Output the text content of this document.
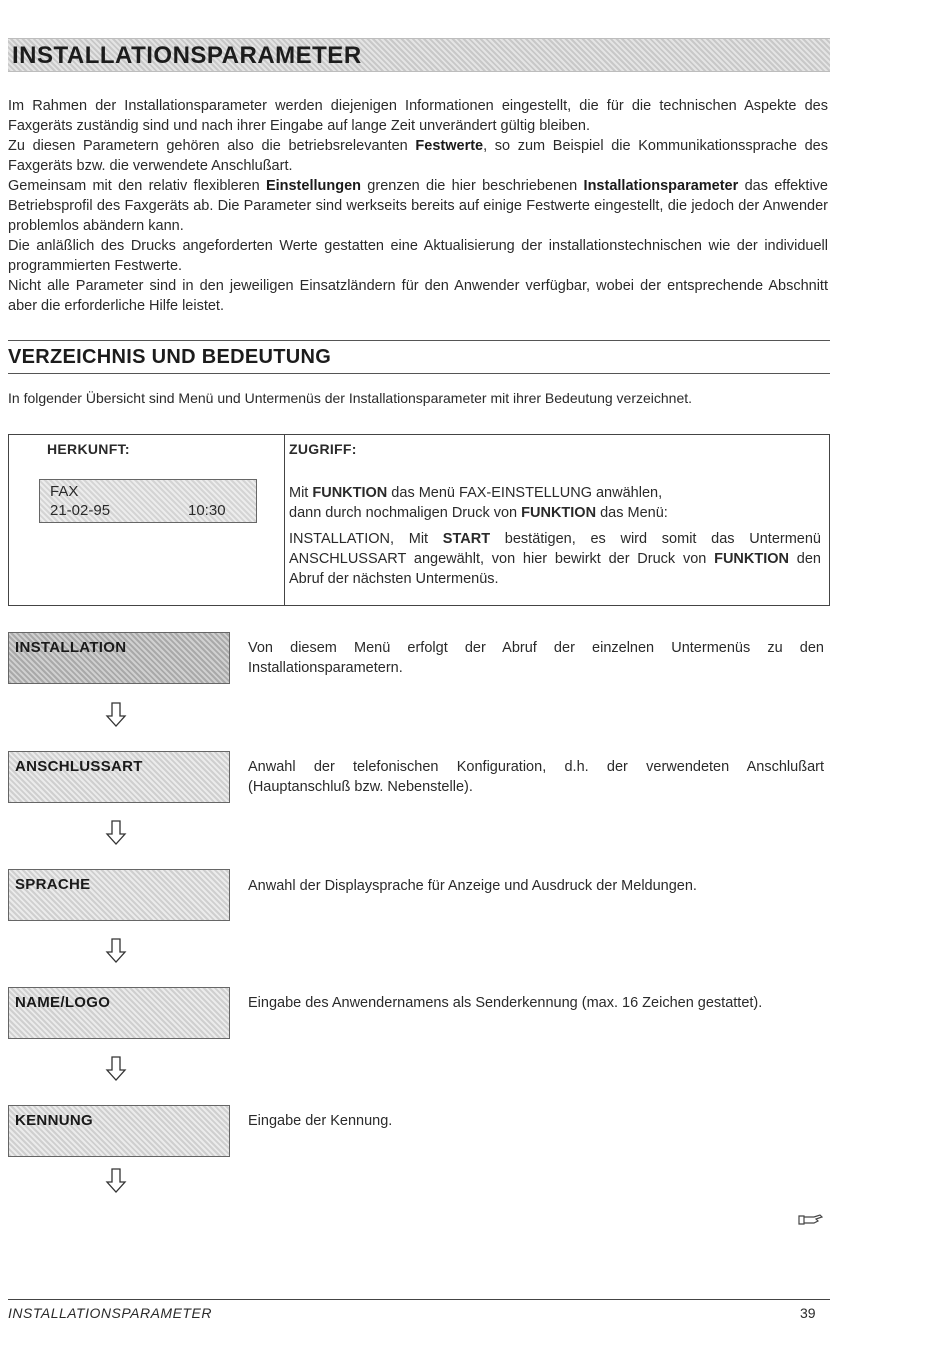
INSTALLATIONSPARAMETER
Im Rahmen der Installationsparameter werden diejenigen Informationen eingestellt, die für die technischen Aspekte des Faxgeräts zuständig sind und nach ihrer Eingabe auf lange Zeit unverändert gültig bleiben.
Zu diesen Parametern gehören also die betriebsrelevanten Festwerte, so zum Beispiel die Kommunikationssprache des Faxgeräts bzw. die verwendete Anschlußart.
Gemeinsam mit den relativ flexibleren Einstellungen grenzen die hier beschriebenen Installationsparameter das effektive Betriebsprofil des Faxgeräts ab. Die Parameter sind werkseits bereits auf einige Festwerte eingestellt, die jedoch der Anwender problemlos abändern kann.
Die anläßlich des Drucks angeforderten Werte gestatten eine Aktualisierung der installationstechnischen wie der individuell programmierten Festwerte.
Nicht alle Parameter sind in den jeweiligen Einsatzländern für den Anwender verfügbar, wobei der entsprechende Abschnitt aber die erforderliche Hilfe leistet.
VERZEICHNIS UND BEDEUTUNG
In folgender Übersicht sind Menü und Untermenüs der Installationsparameter mit ihrer Bedeutung verzeichnet.
HERKUNFT:	ZUGRIFF:
FAX
21-02-95	10:30
Mit FUNKTION das Menü FAX-EINSTELLUNG anwählen,
dann durch nochmaligen Druck von FUNKTION das Menü:
INSTALLATION, Mit START bestätigen, es wird somit das Untermenü ANSCHLUSSART angewählt, von hier bewirkt der Druck von FUNKTION den Abruf der nächsten Untermenüs.
INSTALLATION	Von diesem Menü erfolgt der Abruf der einzelnen Untermenüs zu den Installationsparametern.
ANSCHLUSSART	Anwahl der telefonischen Konfiguration, d.h. der verwendeten Anschlußart (Hauptanschluß bzw. Nebenstelle).
SPRACHE	Anwahl der Displaysprache für Anzeige und Ausdruck der Meldungen.
NAME/LOGO	Eingabe des Anwendernamens als Senderkennung (max. 16 Zeichen gestattet).
KENNUNG	Eingabe der Kennung.
INSTALLATIONSPARAMETER	39
